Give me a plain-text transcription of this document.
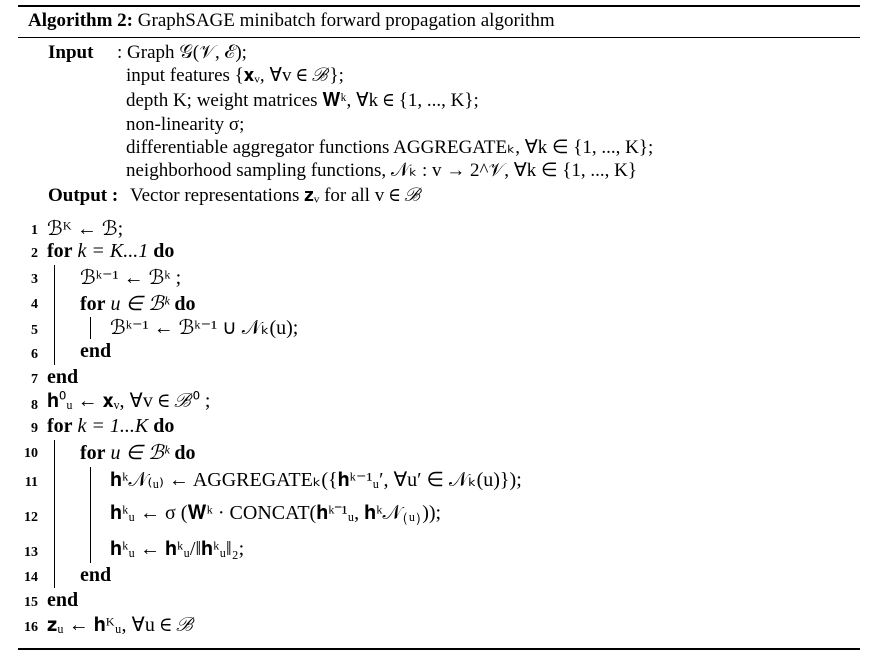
Algorithm 2: GraphSAGE minibatch forward propagation algorithm
Input : Graph 𝒢(𝒱, ℰ);
input features {𝐱ᵥ, ∀v ∈ ℬ};
depth K; weight matrices 𝐖ᵏ, ∀k ∈ {1, ..., K};
non-linearity σ;
differentiable aggregator functions AGGREGATEₖ, ∀k ∈ {1, ..., K};
neighborhood sampling functions, 𝒩ₖ : v → 2^𝒱, ∀k ∈ {1, ..., K}
Output : Vector representations 𝐳ᵥ for all v ∈ ℬ
1
2
3
4
5
6
7
8
9
10
11
12
13
14
15
16
ℬᴷ ← ℬ;
for k = K...1 do
ℬᵏ⁻¹ ← ℬᵏ ;
for u ∈ ℬᵏ do
ℬᵏ⁻¹ ← ℬᵏ⁻¹ ∪ 𝒩ₖ(u);
end
end
𝐡⁰ᵤ ← 𝐱ᵥ, ∀v ∈ ℬ⁰ ;
for k = 1...K do
for u ∈ ℬᵏ do
𝐡ᵏ𝒩₍ᵤ₎ ← AGGREGATEₖ({𝐡ᵏ⁻¹ᵤ′, ∀u′ ∈ 𝒩ₖ(u)});
𝐡ᵏᵤ ← σ (𝐖ᵏ · CONCAT(𝐡ᵏ⁻¹ᵤ, 𝐡ᵏ𝒩₍ᵤ₎));
𝐡ᵏᵤ ← 𝐡ᵏᵤ/‖𝐡ᵏᵤ‖₂;
end
end
𝐳ᵤ ← 𝐡ᴷᵤ, ∀u ∈ ℬ
